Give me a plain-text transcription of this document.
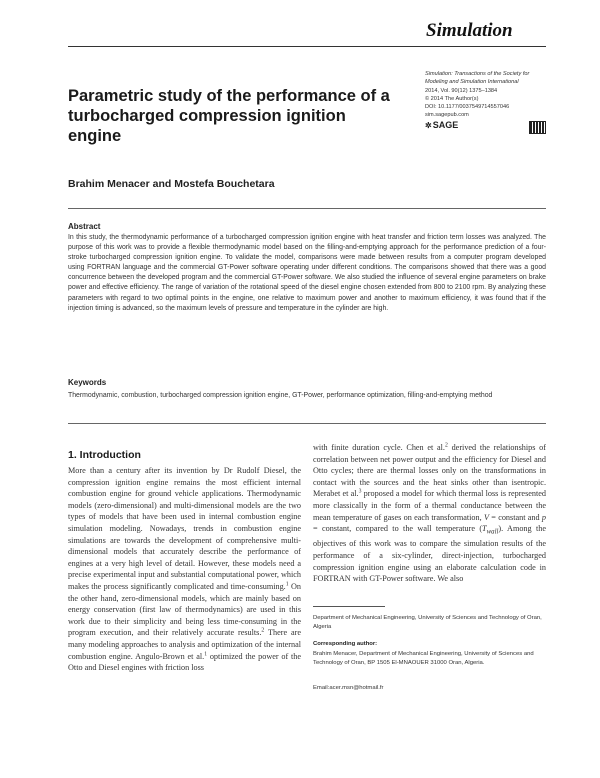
Simulation
Parametric study of the performance of a turbocharged compression ignition engine
Simulation: Transactions of the Society for
Modeling and Simulation International
2014, Vol. 90(12) 1375–1384
© 2014 The Author(s)
DOI: 10.1177/0037549714557046
sim.sagepub.com
✲SAGE
Brahim Menacer and Mostefa Bouchetara
Abstract
In this study, the thermodynamic performance of a turbocharged compression ignition engine with heat transfer and friction term losses was analyzed. The purpose of this work was to provide a flexible thermodynamic model based on the filling-and-emptying approach for the performance prediction of a four-stroke turbocharged compression ignition engine. To validate the model, comparisons were made between results from a computer program developed using FORTRAN language and the commercial GT-Power software operating under different conditions. The comparisons showed that there was a good concurrence between the developed program and the commercial GT-Power software. We also studied the influence of several engine parameters on brake power and effective efficiency. The range of variation of the rotational speed of the diesel engine chosen extended from 800 to 2100 rpm. By analyzing these parameters with regard to two optimal points in the engine, one relative to maximum power and another to maximum efficiency, it was found that if the injection timing is advanced, so the maximum levels of pressure and temperature in the cylinder are high.
Keywords
Thermodynamic, combustion, turbocharged compression ignition engine, GT-Power, performance optimization, filling-and-emptying method
1. Introduction
More than a century after its invention by Dr Rudolf Diesel, the compression ignition engine remains the most efficient internal combustion engine for ground vehicle applications. Thermodynamic models (zero-dimensional) and multi-dimensional models are the two types of models that have been used in internal combustion engine simulation modeling. Nowadays, trends in combustion engine simulations are towards the development of comprehensive multi-dimensional models that accurately describe the performance of engines at a very high level of detail. However, these models need a precise experimental input and substantial computational power, which makes the process significantly complicated and time-consuming.$^1$ On the other hand, zero-dimensional models, which are mainly based on energy conservation (first law of thermodynamics) are used in this work due to their simplicity and being less time-consuming in the program execution, and their relatively accurate results.$^2$ There are many modeling approaches to analysis and optimization of the internal combustion engine. Angulo-Brown et al.$^1$ optimized the power of the Otto and Diesel engines with friction loss
with finite duration cycle. Chen et al.$^2$ derived the relationships of correlation between net power output and the efficiency for Diesel and Otto cycles; there are thermal losses only on the transformations in contact with the sources and the heat sinks other than isentropic. Merabet et al.$^3$ proposed a model for which thermal loss is represented more classically in the form of a thermal conductance between the mean temperature of gases on each transformation, V = constant and p = constant, compared to the wall temperature $(T_{wall})$. Among the objectives of this work was to compare the simulation results of the performance of a six-cylinder, direct-injection, turbocharged compression ignition engine using an elaborate calculation code in FORTRAN with GT-Power software. We also
Department of Mechanical Engineering, University of Sciences and Technology of Oran, Algeria
Corresponding author:
Brahim Menacer, Department of Mechanical Engineering, University of Sciences and Technology of Oran, BP 1505 El-MNAOUER 31000 Oran, Algeria.
Email:acer.msn@hotmail.fr
